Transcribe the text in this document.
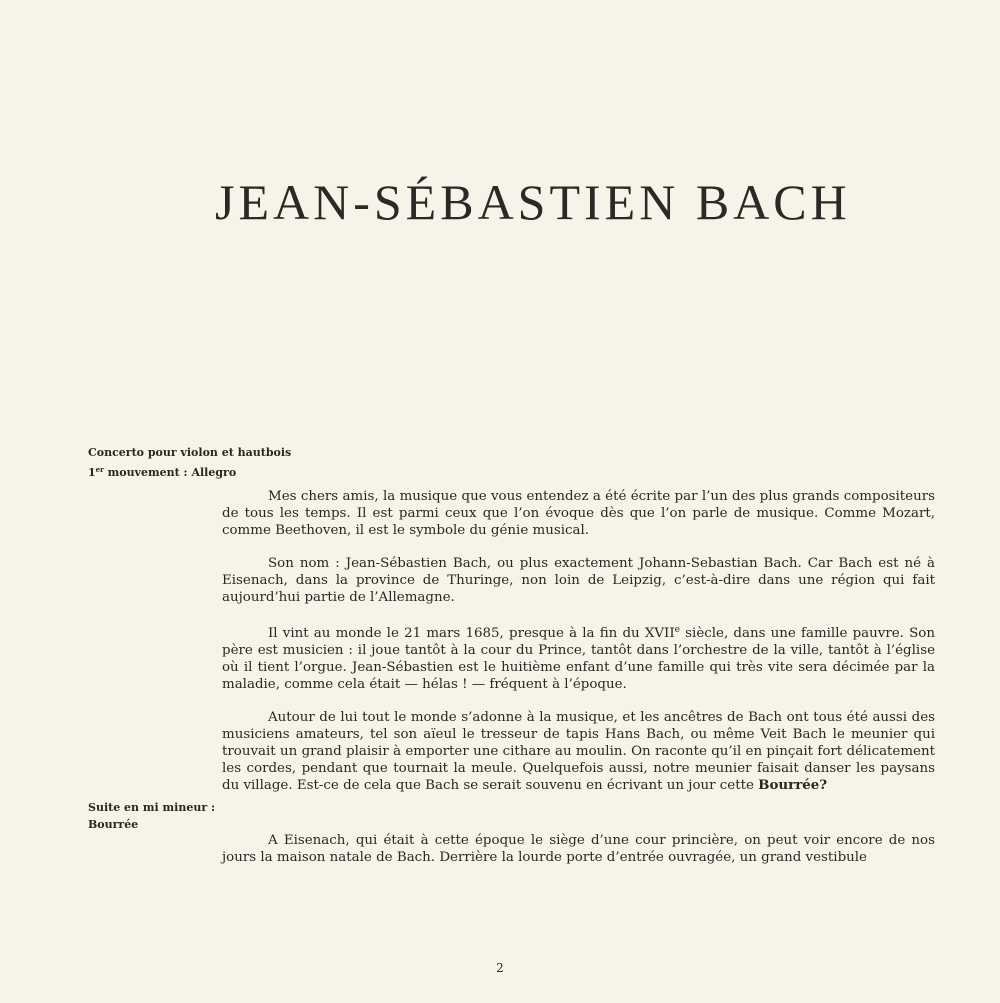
JEAN-SÉBASTIEN BACH
Concerto pour violon et hautbois
1er mouvement : Allegro

Mes chers amis, la musique que vous entendez a été écrite par l’un des plus grands compositeurs de tous les temps. Il est parmi ceux que l’on évoque dès que l’on parle de musique. Comme Mozart, comme Beethoven, il est le symbole du génie musical.

Son nom : Jean-Sébastien Bach, ou plus exactement Johann-Sebastian Bach. Car Bach est né à Eisenach, dans la province de Thuringe, non loin de Leipzig, c’est-à-dire dans une région qui fait aujourd’hui partie de l’Allemagne.

Il vint au monde le 21 mars 1685, presque à la fin du XVIIe siècle, dans une famille pauvre. Son père est musicien : il joue tantôt à la cour du Prince, tantôt dans l’orchestre de la ville, tantôt à l’église où il tient l’orgue. Jean-Sébastien est le huitième enfant d’une famille qui très vite sera décimée par la maladie, comme cela était — hélas ! — fréquent à l’époque.

Autour de lui tout le monde s’adonne à la musique, et les ancêtres de Bach ont tous été aussi des musiciens amateurs, tel son aïeul le tresseur de tapis Hans Bach, ou même Veit Bach le meunier qui trouvait un grand plaisir à emporter une cithare au moulin. On raconte qu’il en pinçait fort délicatement les cordes, pendant que tournait la meule. Quelquefois aussi, notre meunier faisait danser les paysans du village. Est-ce de cela que Bach se serait souvenu en écrivant un jour cette Bourrée?

Suite en mi mineur :
Bourrée

A Eisenach, qui était à cette époque le siège d’une cour princière, on peut voir encore de nos jours la maison natale de Bach. Derrière la lourde porte d’entrée ouvragée, un grand vestibule

2
